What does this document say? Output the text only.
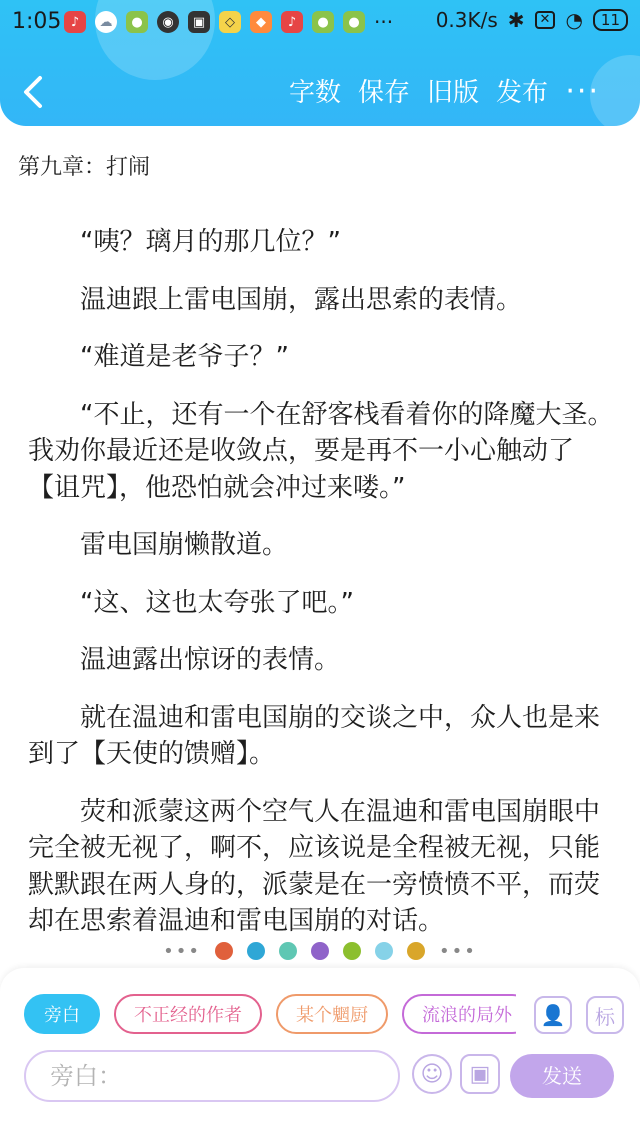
1:05 ♪	☁	●	◉	▣	◇	◆	♪	●	● ··· 0.3K/s ✱	✕ ◔	11
字数 保存 旧版 发布 ···
第九章：打闹

“咦？璃月的那几位？”

温迪跟上雷电国崩，露出思索的表情。

“难道是老爷子？”

“不止，还有一个在舒客栈看着你的降魔大圣。我劝你最近还是收敛点，要是再不一小心触动了【诅咒】，他恐怕就会冲过来喽。”

雷电国崩懒散道。

“这、这也太夸张了吧。”

温迪露出惊讶的表情。

就在温迪和雷电国崩的交谈之中，众人也是来到了【天使的馈赠】。

荧和派蒙这两个空气人在温迪和雷电国崩眼中完全被无视了，啊不，应该说是全程被无视，只能默默跟在两人身的，派蒙是在一旁愤愤不平，而荧却在思索着温迪和雷电国崩的对话。

•••	•••
旁白	不正经的作者	某个魍厨	流浪的局外	👤	标
旁白：	☺	▣	发送
